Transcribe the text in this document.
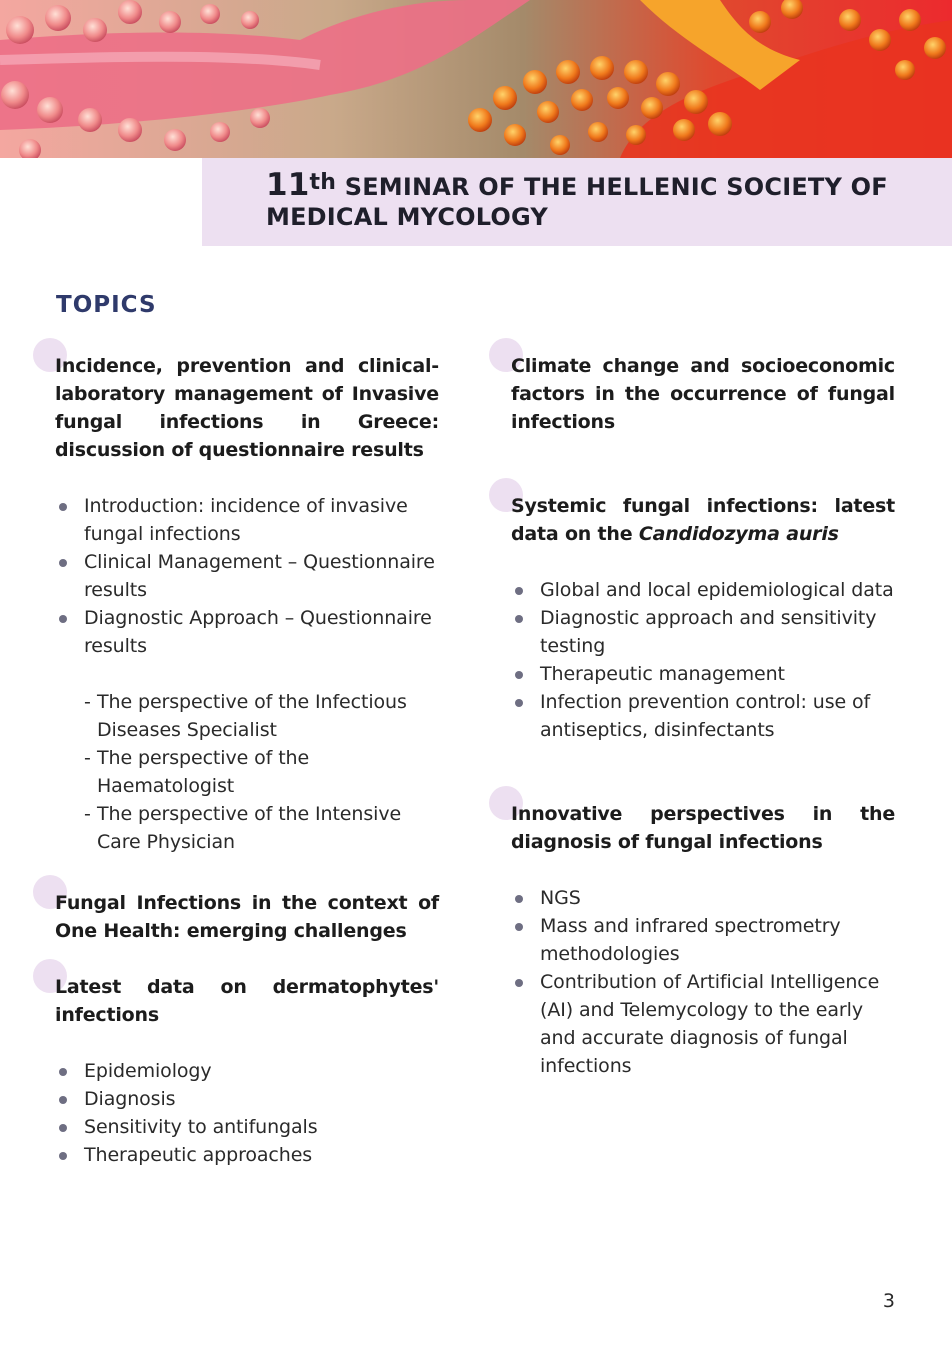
11th SEMINAR OF THE HELLENIC SOCIETY OF
MEDICAL MYCOLOGY
TOPICS
Incidence, prevention and clinical-laboratory management of Invasive fungal infections in Greece: discussion of questionnaire results
Introduction: incidence of invasive fungal infections
Clinical Management – Questionnaire results
Diagnostic Approach – Questionnaire results
- The perspective of the Infectious Diseases Specialist
- The perspective of the Haematologist
- The perspective of the Intensive Care Physician
Fungal Infections in the context of One Health: emerging challenges
Latest data on dermatophytes' infections
Epidemiology
Diagnosis
Sensitivity to antifungals
Therapeutic approaches
Climate change and socioeconomic factors in the occurrence of fungal infections
Systemic fungal infections: latest data on the Candidozyma auris
Global and local epidemiological data
Diagnostic approach and sensitivity testing
Therapeutic management
Infection prevention control: use of antiseptics, disinfectants
Innovative perspectives in the diagnosis of fungal infections
NGS
Mass and infrared spectrometry methodologies
Contribution of Artificial Intelligence (AI) and Telemycology to the early and accurate diagnosis of fungal infections
3
